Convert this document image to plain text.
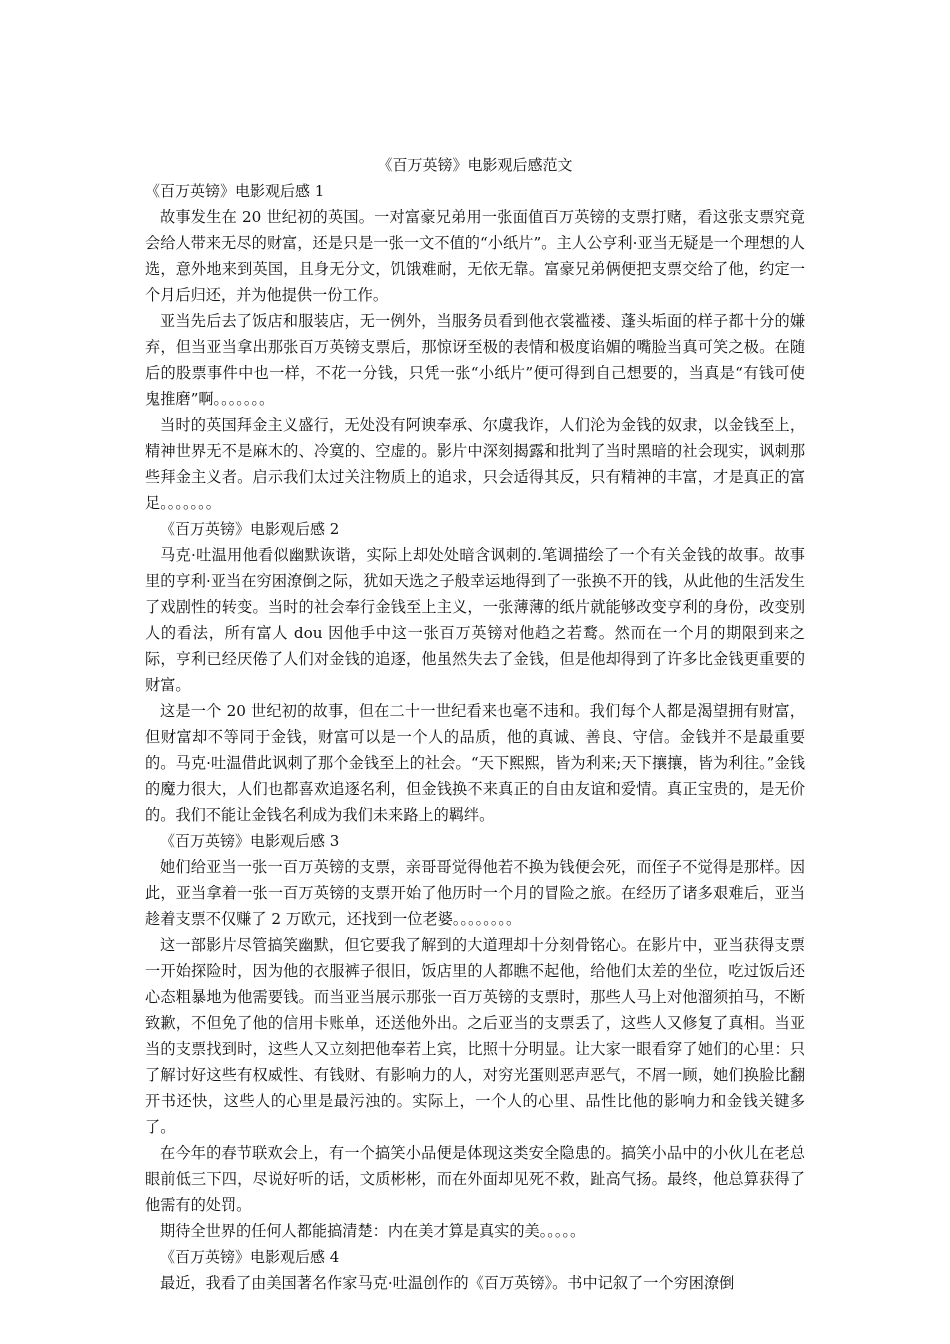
《百万英镑》电影观后感范文
《百万英镑》电影观后感 1
故事发生在 20 世纪初的英国。一对富豪兄弟用一张面值百万英镑的支票打赌，看这张支票究竟会给人带来无尽的财富，还是只是一张一文不值的“小纸片”。主人公亨利·亚当无疑是一个理想的人选，意外地来到英国，且身无分文，饥饿难耐，无依无靠。富豪兄弟俩便把支票交给了他，约定一个月后归还，并为他提供一份工作。
亚当先后去了饭店和服装店，无一例外，当服务员看到他衣裳褴褛、蓬头垢面的样子都十分的嫌弃，但当亚当拿出那张百万英镑支票后，那惊讶至极的表情和极度谄媚的嘴脸当真可笑之极。在随后的股票事件中也一样，不花一分钱，只凭一张“小纸片”便可得到自己想要的，当真是“有钱可使鬼推磨”啊。。。。。。。
当时的英国拜金主义盛行，无处没有阿谀奉承、尔虞我诈，人们沦为金钱的奴隶，以金钱至上，精神世界无不是麻木的、冷寞的、空虚的。影片中深刻揭露和批判了当时黑暗的社会现实，讽刺那些拜金主义者。启示我们太过关注物质上的追求，只会适得其反，只有精神的丰富，才是真正的富足。。。。。。。
《百万英镑》电影观后感 2
马克·吐温用他看似幽默诙谐，实际上却处处暗含讽刺的.笔调描绘了一个有关金钱的故事。故事里的亨利·亚当在穷困潦倒之际，犹如天选之子般幸运地得到了一张换不开的钱，从此他的生活发生了戏剧性的转变。当时的社会奉行金钱至上主义，一张薄薄的纸片就能够改变亨利的身份，改变别人的看法，所有富人 dou 因他手中这一张百万英镑对他趋之若鹜。然而在一个月的期限到来之际，亨利已经厌倦了人们对金钱的追逐，他虽然失去了金钱，但是他却得到了许多比金钱更重要的财富。
这是一个 20 世纪初的故事，但在二十一世纪看来也毫不违和。我们每个人都是渴望拥有财富，但财富却不等同于金钱，财富可以是一个人的品质，他的真诚、善良、守信。金钱并不是最重要的。马克·吐温借此讽刺了那个金钱至上的社会。“天下熙熙，皆为利来;天下攘攘，皆为利往。”金钱的魔力很大，人们也都喜欢追逐名利，但金钱换不来真正的自由友谊和爱情。真正宝贵的，是无价的。我们不能让金钱名利成为我们未来路上的羁绊。
《百万英镑》电影观后感 3
她们给亚当一张一百万英镑的支票，亲哥哥觉得他若不换为钱便会死，而侄子不觉得是那样。因此，亚当拿着一张一百万英镑的支票开始了他历时一个月的冒险之旅。在经历了诸多艰难后，亚当趁着支票不仅赚了 2 万欧元，还找到一位老婆。。。。。。。。
这一部影片尽管搞笑幽默，但它要我了解到的大道理却十分刻骨铭心。在影片中，亚当获得支票一开始探险时，因为他的衣服裤子很旧，饭店里的人都瞧不起他，给他们太差的坐位，吃过饭后还心态粗暴地为他需要钱。而当亚当展示那张一百万英镑的支票时，那些人马上对他溜须拍马，不断致歉，不但免了他的信用卡账单，还送他外出。之后亚当的支票丢了，这些人又修复了真相。当亚当的支票找到时，这些人又立刻把他奉若上宾，比照十分明显。让大家一眼看穿了她们的心里：只了解讨好这些有权威性、有钱财、有影响力的人，对穷光蛋则恶声恶气，不屑一顾，她们换脸比翻开书还快，这些人的心里是最污浊的。实际上，一个人的心里、品性比他的影响力和金钱关键多了。
在今年的春节联欢会上，有一个搞笑小品便是体现这类安全隐患的。搞笑小品中的小伙儿在老总眼前低三下四，尽说好听的话，文质彬彬，而在外面却见死不救，趾高气扬。最终，他总算获得了他需有的处罚。
期待全世界的任何人都能搞清楚：内在美才算是真实的美。。。。。
《百万英镑》电影观后感 4
最近，我看了由美国著名作家马克·吐温创作的《百万英镑》。书中记叙了一个穷困潦倒
